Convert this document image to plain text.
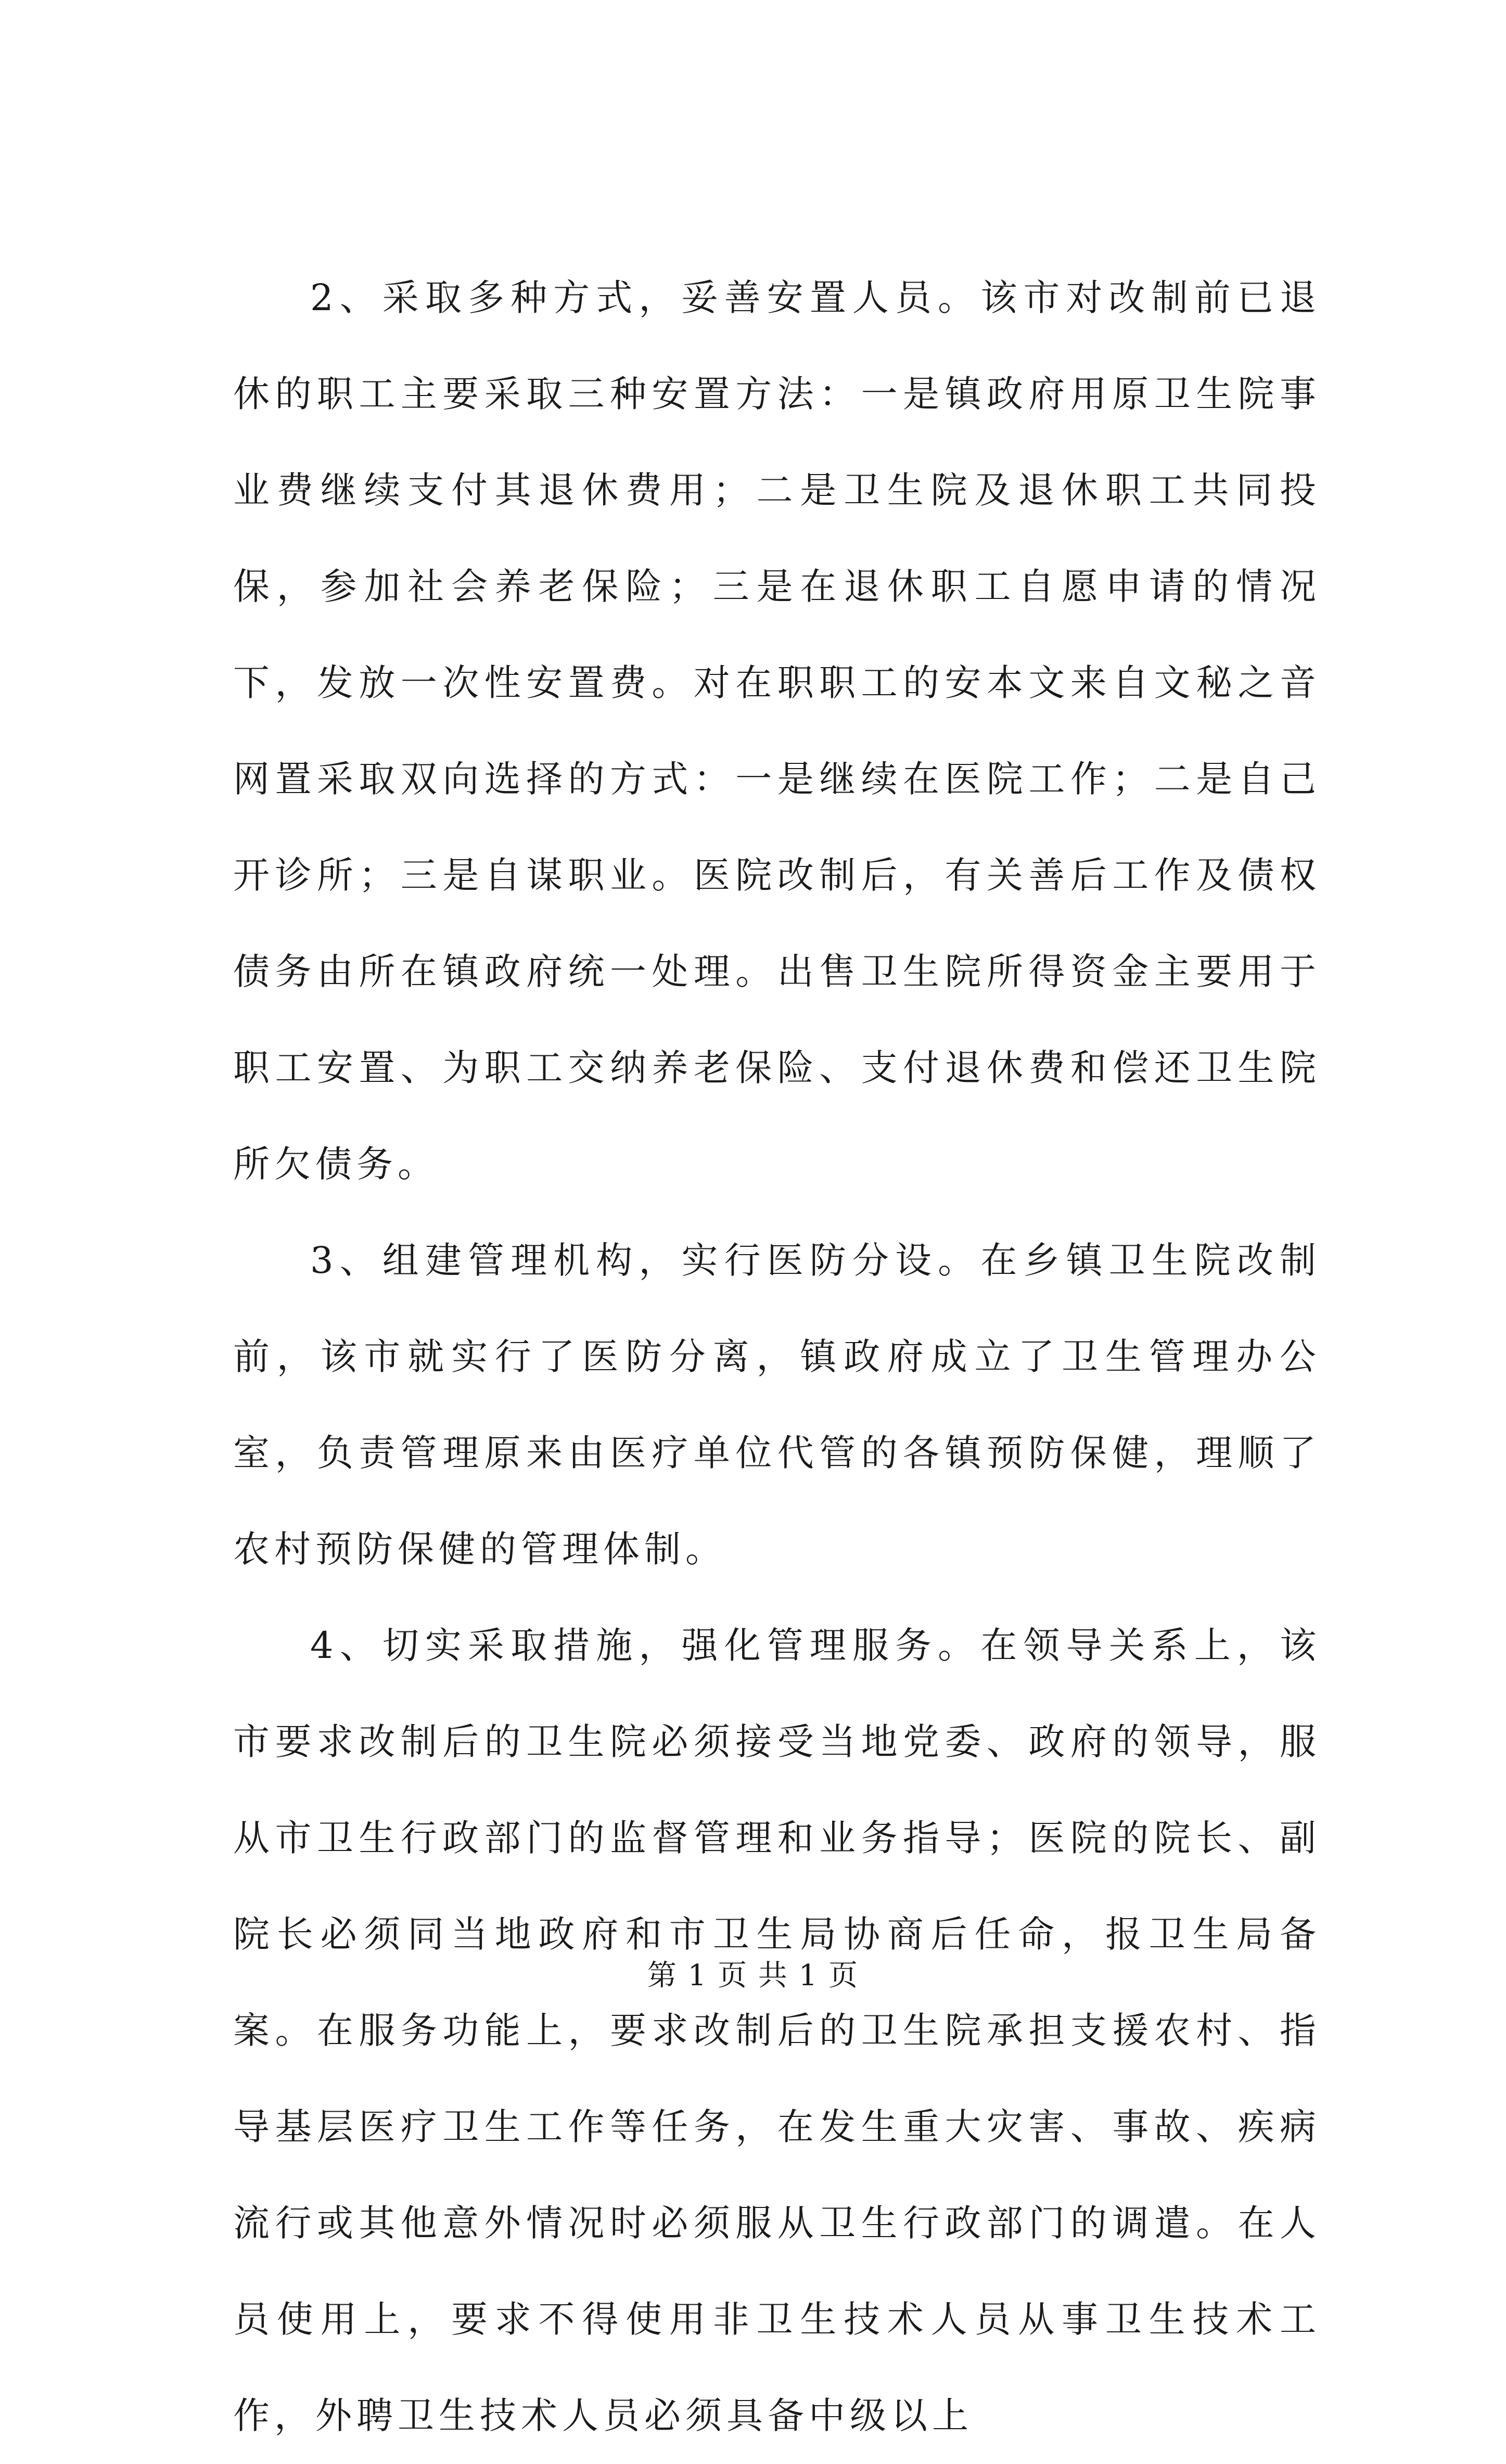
2、采取多种方式，妥善安置人员。该市对改制前已退休的职工主要采取三种安置方法：一是镇政府用原卫生院事业费继续支付其退休费用；二是卫生院及退休职工共同投保，参加社会养老保险；三是在退休职工自愿申请的情况下，发放一次性安置费。对在职职工的安本文来自文秘之音网置采取双向选择的方式：一是继续在医院工作；二是自己开诊所；三是自谋职业。医院改制后，有关善后工作及债权债务由所在镇政府统一处理。出售卫生院所得资金主要用于职工安置、为职工交纳养老保险、支付退休费和偿还卫生院所欠债务。

3、组建管理机构，实行医防分设。在乡镇卫生院改制前，该市就实行了医防分离，镇政府成立了卫生管理办公室，负责管理原来由医疗单位代管的各镇预防保健，理顺了农村预防保健的管理体制。

4、切实采取措施，强化管理服务。在领导关系上，该市要求改制后的卫生院必须接受当地党委、政府的领导，服从市卫生行政部门的监督管理和业务指导；医院的院长、副院长必须同当地政府和市卫生局协商后任命，报卫生局备案。在服务功能上，要求改制后的卫生院承担支援农村、指导基层医疗卫生工作等任务，在发生重大灾害、事故、疾病流行或其他意外情况时必须服从卫生行政部门的调遣。在人员使用上，要求不得使用非卫生技术人员从事卫生技术工作，外聘卫生技术人员必须具备中级以上

第 1 页 共 1 页
